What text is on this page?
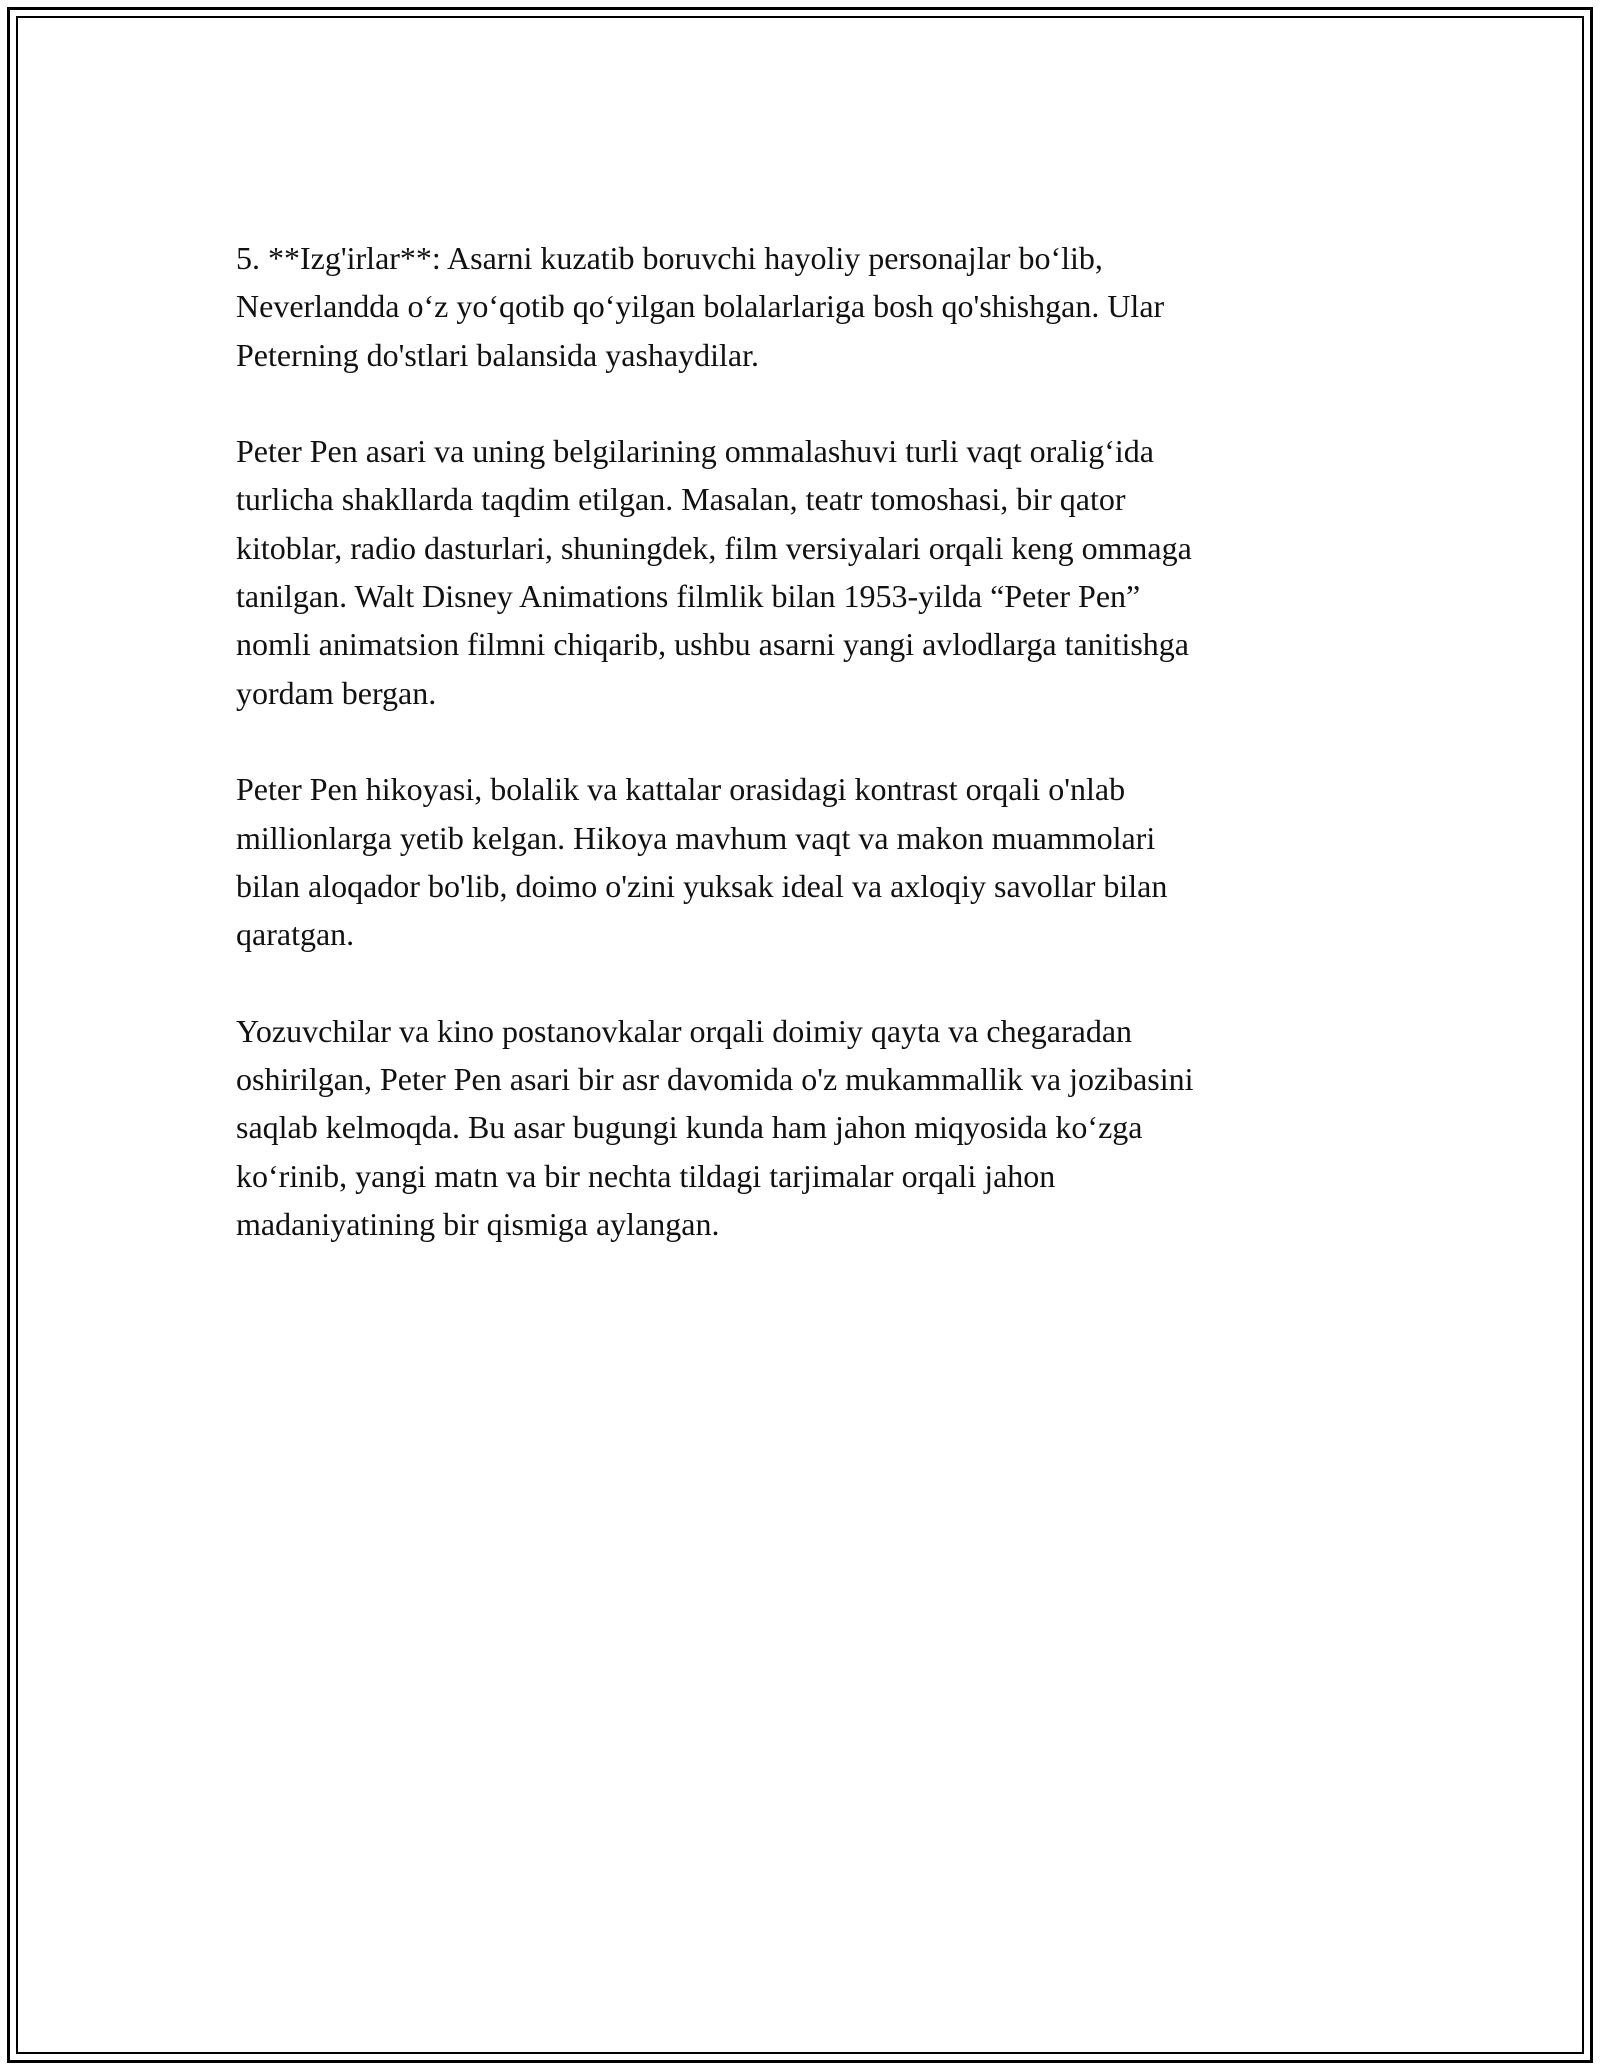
5. **Izg'irlar**: Asarni kuzatib boruvchi hayoliy personajlar bo‘lib,
Neverlandda o‘z yo‘qotib qo‘yilgan bolalarlariga bosh qo'shishgan. Ular
Peterning do'stlari balansida yashaydilar.

Peter Pen asari va uning belgilarining ommalashuvi turli vaqt oralig‘ida
turlicha shakllarda taqdim etilgan. Masalan, teatr tomoshasi, bir qator
kitoblar, radio dasturlari, shuningdek, film versiyalari orqali keng ommaga
tanilgan. Walt Disney Animations filmlik bilan 1953-yilda “Peter Pen”
nomli animatsion filmni chiqarib, ushbu asarni yangi avlodlarga tanitishga
yordam bergan.

Peter Pen hikoyasi, bolalik va kattalar orasidagi kontrast orqali o'nlab
millionlarga yetib kelgan. Hikoya mavhum vaqt va makon muammolari
bilan aloqador bo'lib, doimo o'zini yuksak ideal va axloqiy savollar bilan
qaratgan.

Yozuvchilar va kino postanovkalar orqali doimiy qayta va chegaradan
oshirilgan, Peter Pen asari bir asr davomida o'z mukammallik va jozibasini
saqlab kelmoqda. Bu asar bugungi kunda ham jahon miqyosida ko‘zga
ko‘rinib, yangi matn va bir nechta tildagi tarjimalar orqali jahon
madaniyatining bir qismiga aylangan.
